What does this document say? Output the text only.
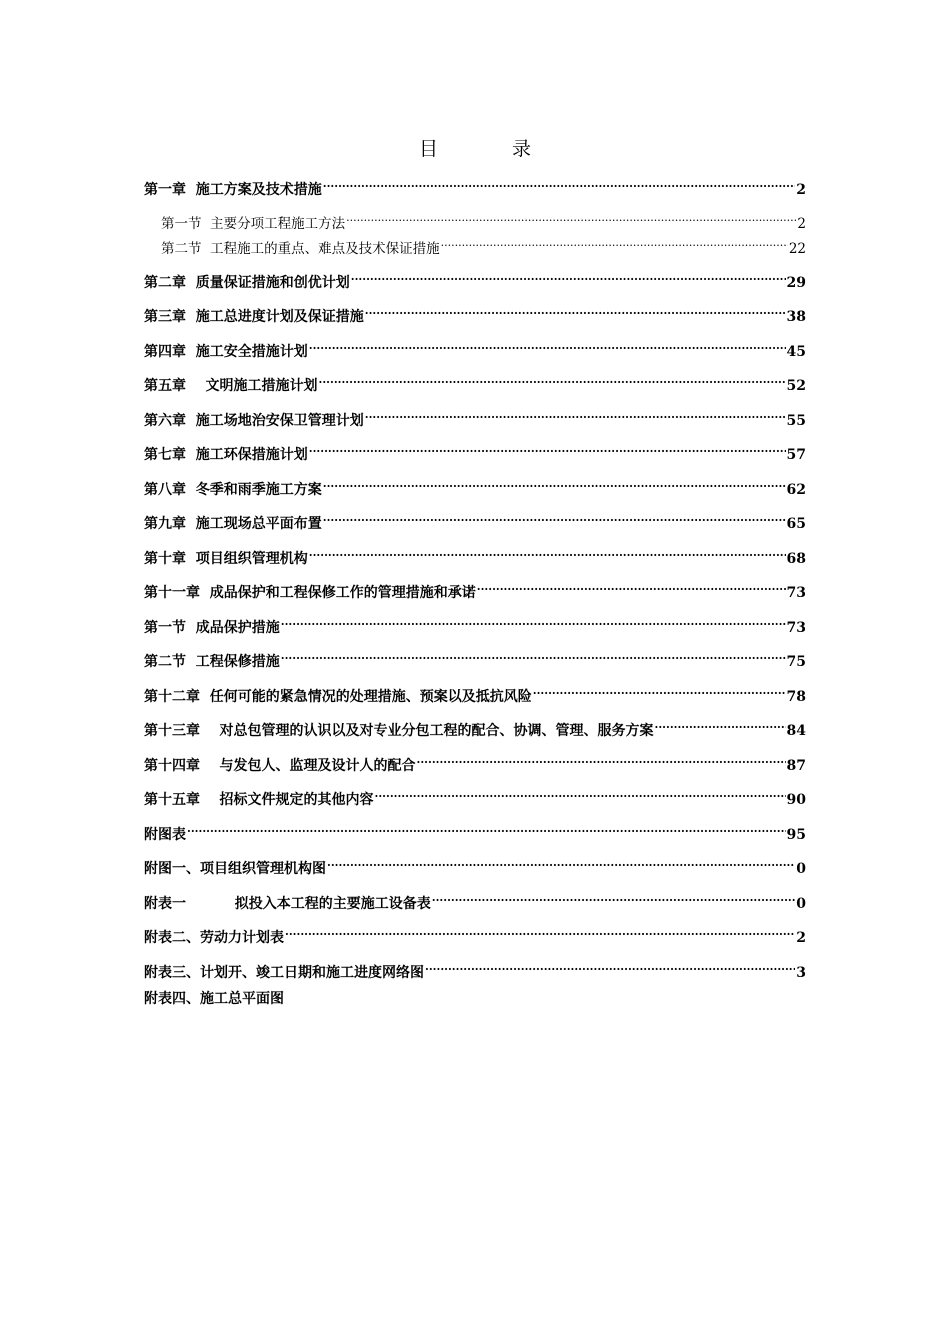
目 录
第一章  施工方案及技术措施 .....	2
第一节  主要分项工程施工方法 .....	2
第二节  工程施工的重点、难点及技术保证措施 .....	22
第二章  质量保证措施和创优计划 .....	29
第三章  施工总进度计划及保证措施 .....	38
第四章  施工安全措施计划 .....	45
第五章    文明施工措施计划 .....	52
第六章  施工场地治安保卫管理计划 .....	55
第七章  施工环保措施计划 .....	57
第八章  冬季和雨季施工方案 .....	62
第九章  施工现场总平面布置 .....	65
第十章  项目组织管理机构 .....	68
第十一章  成品保护和工程保修工作的管理措施和承诺 .....	73
第一节  成品保护措施 .....	73
第二节  工程保修措施 .....	75
第十二章  任何可能的紧急情况的处理措施、预案以及抵抗风险 .....	78
第十三章    对总包管理的认识以及对专业分包工程的配合、协调、管理、服务方案 .....	84
第十四章    与发包人、监理及设计人的配合 .....	87
第十五章    招标文件规定的其他内容 .....	90
附图表 .....	95
附图一、项目组织管理机构图 .....	0
附表一          拟投入本工程的主要施工设备表 .....	0
附表二、劳动力计划表 .....	2
附表三、计划开、竣工日期和施工进度网络图 .....	3
附表四、施工总平面图
